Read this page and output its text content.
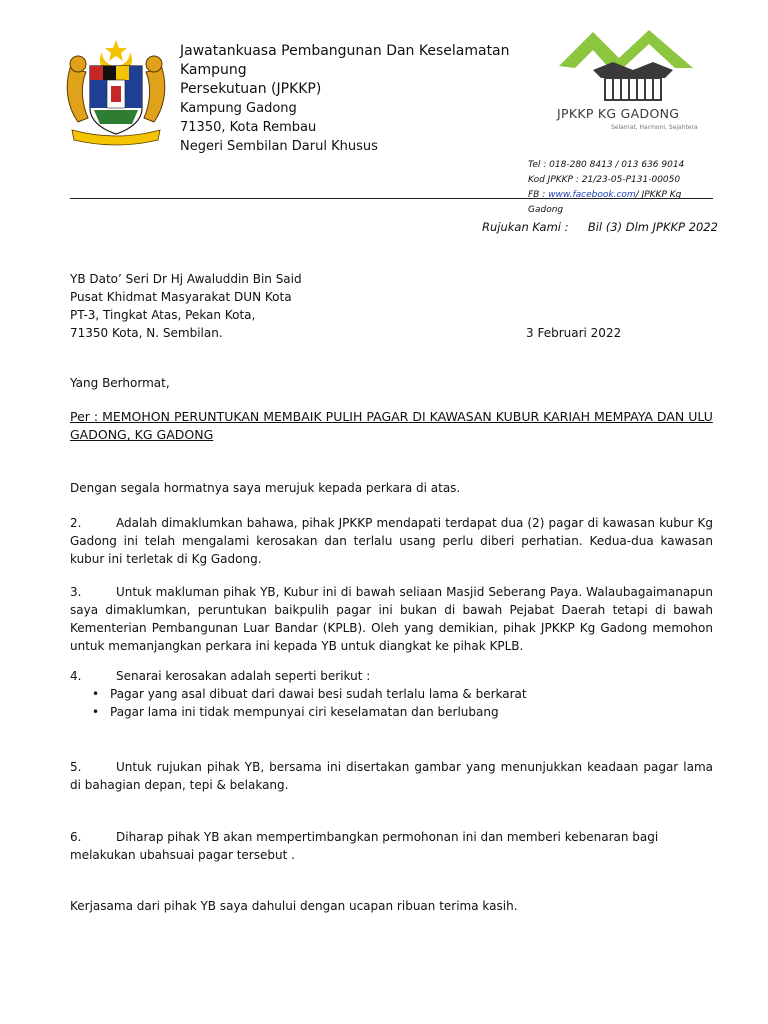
Jawatankuasa Pembangunan Dan Keselamatan Kampung
Persekutuan (JPKKP)
Kampung Gadong
71350, Kota Rembau
Negeri Sembilan Darul Khusus
JPKKP KG GADONG
Selamat, Harmoni, Sejahtera
Tel : 018-280 8413 / 013 636 9014
Kod JPKKP : 21/23-05-P131-00050
FB : www.facebook.com/ JPKKP Kg Gadong
Rujukan Kami : Bil (3) Dlm JPKKP 2022
YB Dato’ Seri Dr Hj Awaluddin Bin Said
Pusat Khidmat Masyarakat DUN Kota
PT-3, Tingkat Atas, Pekan Kota,
71350 Kota, N. Sembilan.	3 Februari 2022
Yang Berhormat,
Per : MEMOHON PERUNTUKAN MEMBAIK PULIH PAGAR DI KAWASAN KUBUR KARIAH MEMPAYA DAN ULU
GADONG, KG GADONG
Dengan segala hormatnya saya merujuk kepada perkara di atas.
2.	Adalah dimaklumkan bahawa, pihak JPKKP mendapati terdapat dua (2) pagar di kawasan kubur Kg Gadong ini telah mengalami kerosakan dan terlalu usang perlu diberi perhatian. Kedua-dua kawasan kubur ini terletak di Kg Gadong.
3.	Untuk makluman pihak YB, Kubur ini di bawah seliaan Masjid Seberang Paya. Walaubagaimanapun saya dimaklumkan, peruntukan baikpulih pagar ini bukan di bawah Pejabat Daerah tetapi di bawah Kementerian Pembangunan Luar Bandar (KPLB). Oleh yang demikian, pihak JPKKP Kg Gadong memohon untuk memanjangkan perkara ini kepada YB untuk diangkat ke pihak KPLB.
4.	Senarai kerosakan adalah seperti berikut :
• Pagar yang asal dibuat dari dawai besi sudah terlalu lama & berkarat
• Pagar lama ini tidak mempunyai ciri keselamatan dan berlubang
5.	Untuk rujukan pihak YB, bersama ini disertakan gambar yang menunjukkan keadaan pagar lama di bahagian depan, tepi & belakang.
6.	Diharap pihak YB akan mempertimbangkan permohonan ini dan memberi kebenaran bagi
melakukan ubahsuai pagar tersebut .
Kerjasama dari pihak YB saya dahului dengan ucapan ribuan terima kasih.
